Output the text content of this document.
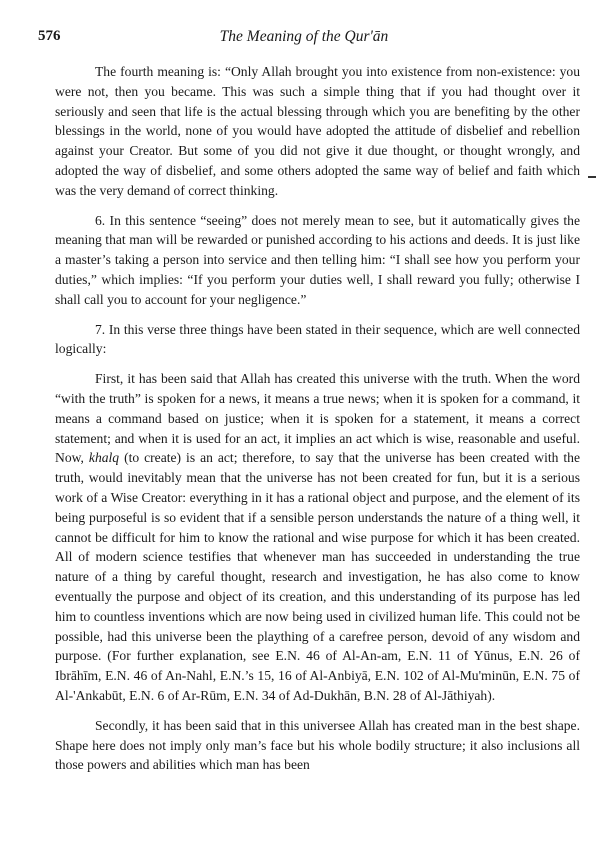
576	The Meaning of the Qur'ān

The fourth meaning is: “Only Allah brought you into existence from non-existence: you were not, then you became. This was such a simple thing that if you had thought over it seriously and seen that life is the actual blessing through which you are benefiting by the other blessings in the world, none of you would have adopted the attitude of disbelief and rebellion against your Creator. But some of you did not give it due thought, or thought wrongly, and adopted the way of disbelief, and some others adopted the same way of belief and faith which was the very demand of correct thinking.

6. In this sentence “seeing” does not merely mean to see, but it automatically gives the meaning that man will be rewarded or punished according to his actions and deeds. It is just like a master’s taking a person into service and then telling him: “I shall see how you perform your duties,” which implies: “If you perform your duties well, I shall reward you fully; otherwise I shall call you to account for your negligence.”

7. In this verse three things have been stated in their sequence, which are well connected logically:

First, it has been said that Allah has created this universe with the truth. When the word “with the truth” is spoken for a news, it means a true news; when it is spoken for a command, it means a command based on justice; when it is spoken for a statement, it means a correct statement; and when it is used for an act, it implies an act which is wise, reasonable and useful. Now, khalq (to create) is an act; therefore, to say that the universe has been created with the truth, would inevitably mean that the universe has not been created for fun, but it is a serious work of a Wise Creator: everything in it has a rational object and purpose, and the element of its being purposeful is so evident that if a sensible person understands the nature of a thing well, it cannot be difficult for him to know the rational and wise purpose for which it has been created. All of modern science testifies that whenever man has succeeded in understanding the true nature of a thing by careful thought, research and investigation, he has also come to know eventually the purpose and object of its creation, and this understanding of its purpose has led him to countless inventions which are now being used in civilized human life. This could not be possible, had this universe been the plaything of a carefree person, devoid of any wisdom and purpose. (For further explanation, see E.N. 46 of Al-An-am, E.N. 11 of Yūnus, E.N. 26 of Ibrāhīm, E.N. 46 of An-Nahl, E.N.’s 15, 16 of Al-Anbiyā, E.N. 102 of Al-Mu'minūn, E.N. 75 of Al-'Ankabūt, E.N. 6 of Ar-Rūm, E.N. 34 of Ad-Dukhān, B.N. 28 of Al-Jāthiyah).

Secondly, it has been said that in this universee Allah has created man in the best shape. Shape here does not imply only man’s face but his whole bodily structure; it also inclusions all those powers and abilities which man has been
